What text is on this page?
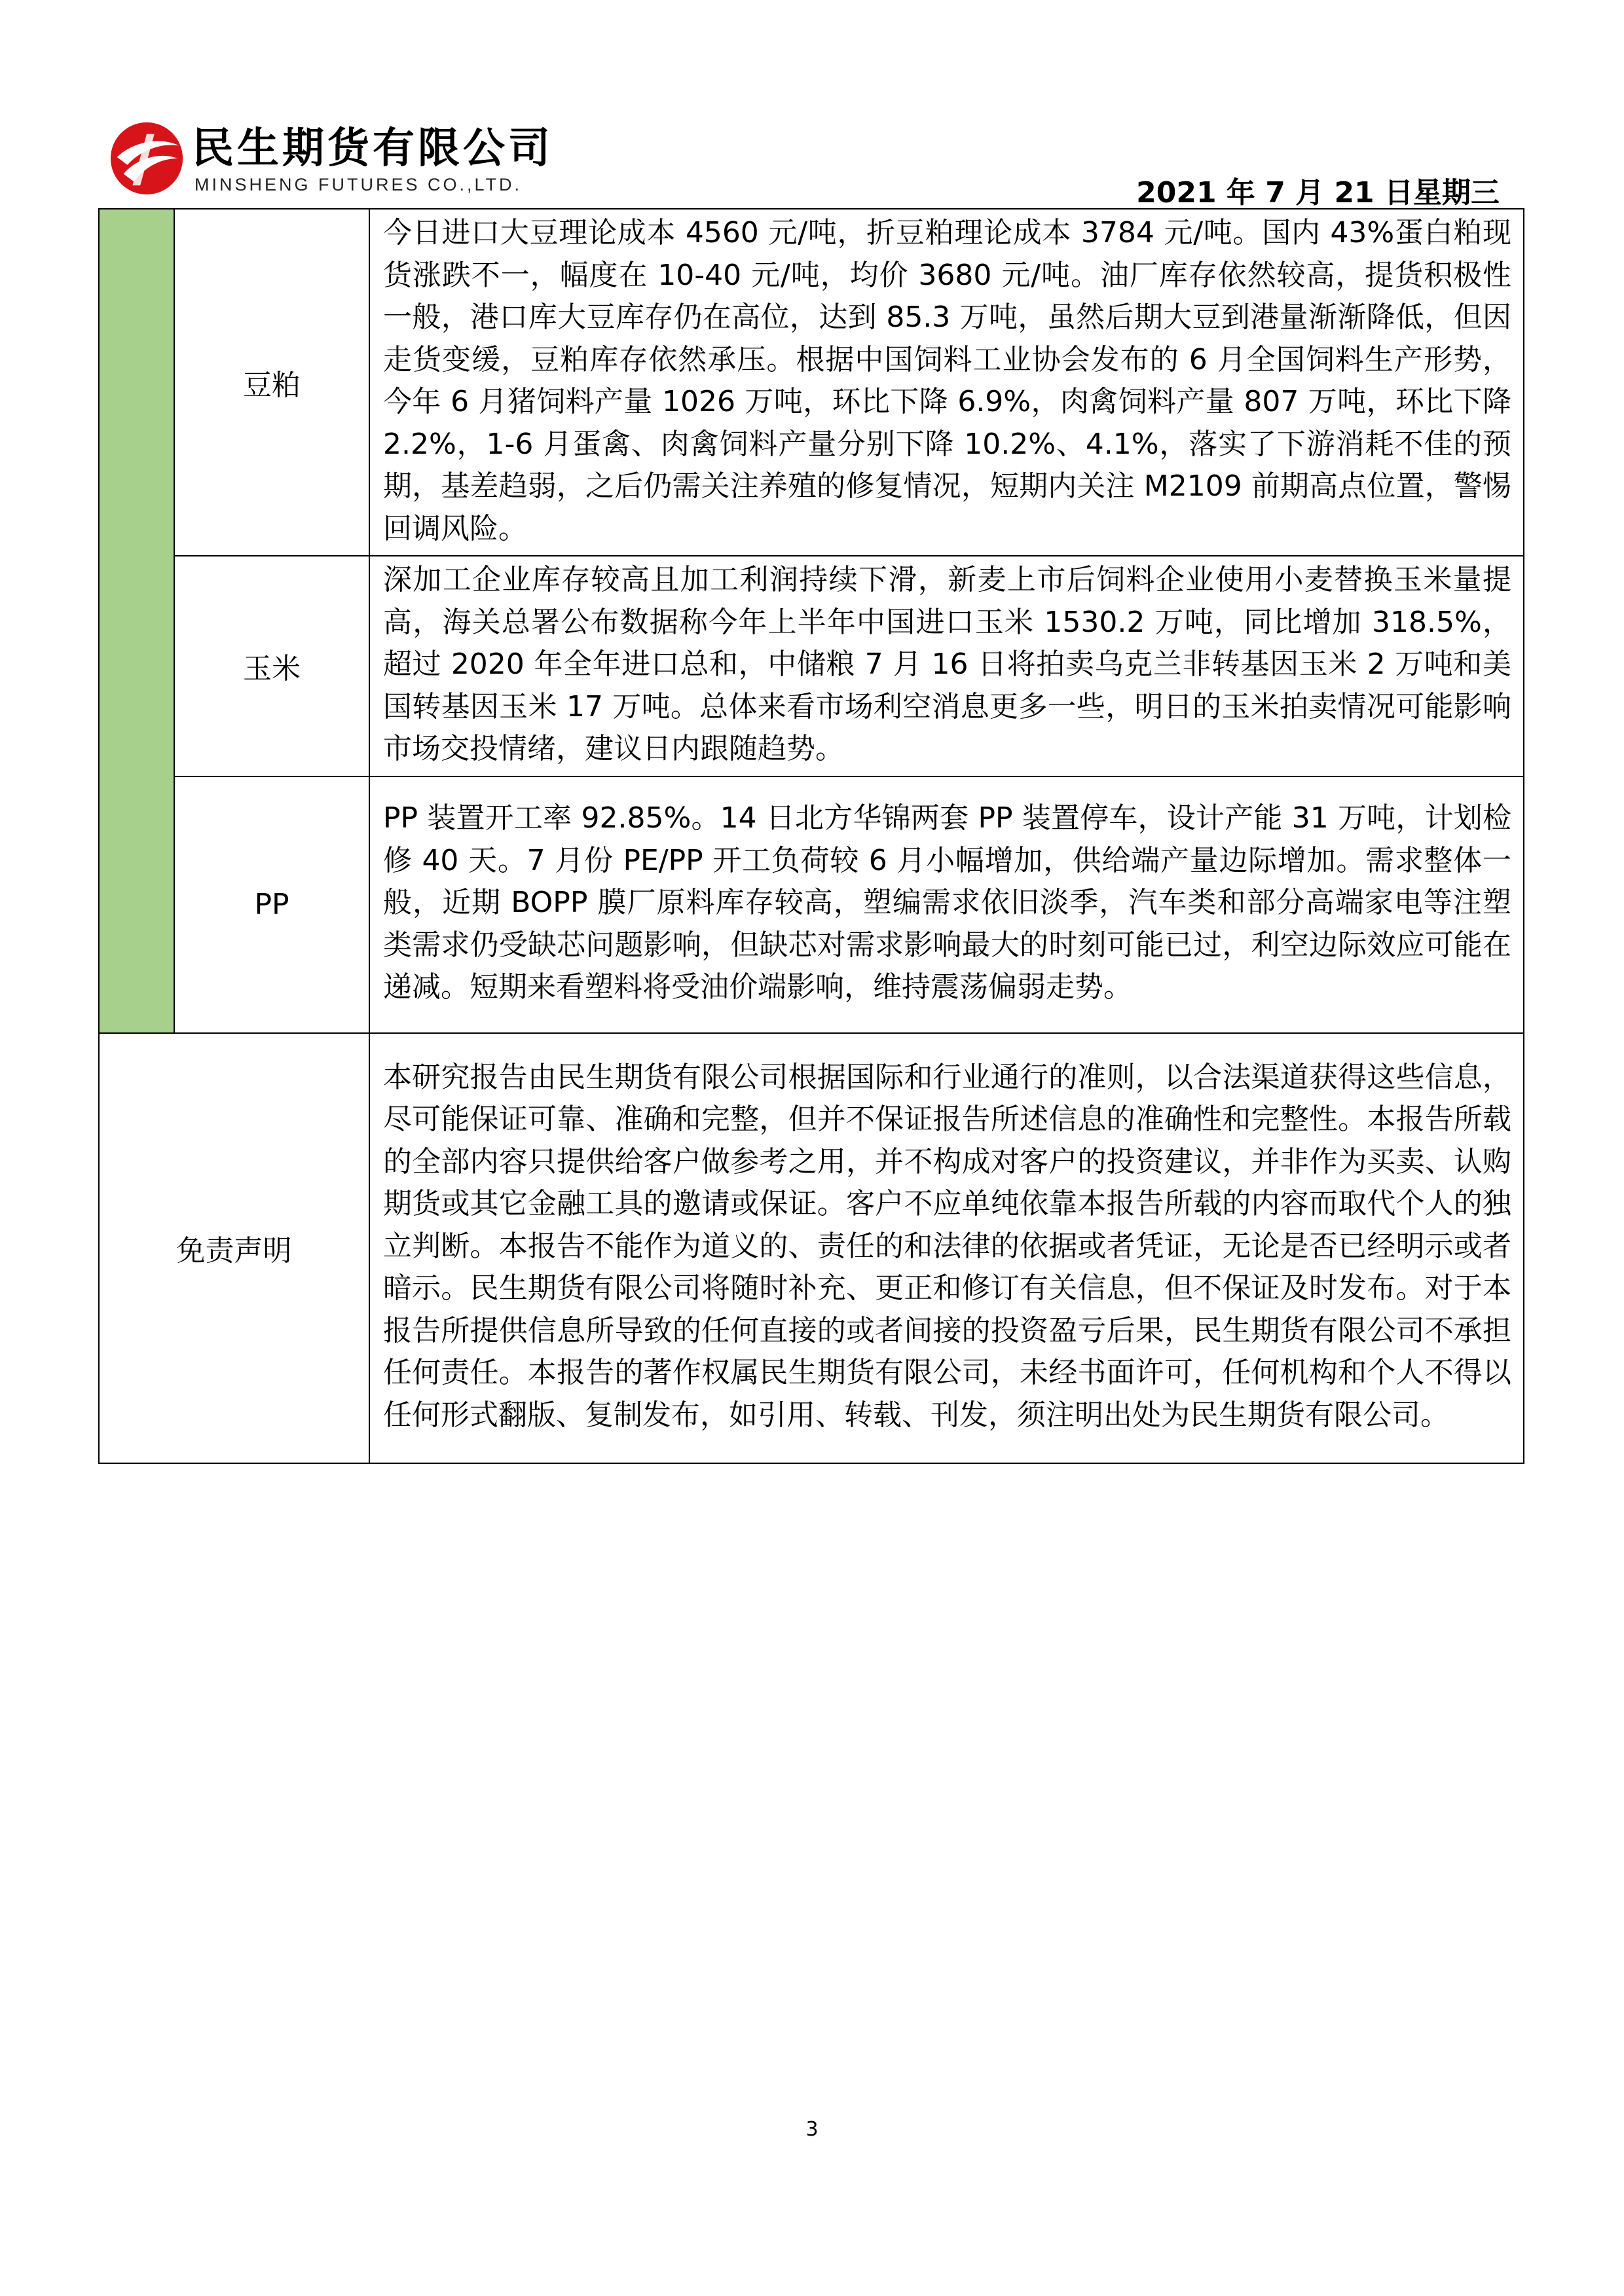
民生期货有限公司
MINSHENG FUTURES CO.,LTD.	2021 年 7 月 21 日星期三
	豆粕	今日进口大豆理论成本 4560 元/吨，折豆粕理论成本 3784 元/吨。国内 43%蛋白粕现货涨跌不一，幅度在 10-40 元/吨，均价 3680 元/吨。油厂库存依然较高，提货积极性一般，港口库大豆库存仍在高位，达到 85.3 万吨，虽然后期大豆到港量渐渐降低，但因走货变缓，豆粕库存依然承压。根据中国饲料工业协会发布的 6 月全国饲料生产形势，今年 6 月猪饲料产量 1026 万吨，环比下降 6.9%，肉禽饲料产量 807 万吨，环比下降 2.2%，1-6 月蛋禽、肉禽饲料产量分别下降 10.2%、4.1%，落实了下游消耗不佳的预期，基差趋弱，之后仍需关注养殖的修复情况，短期内关注 M2109 前期高点位置，警惕回调风险。
	玉米	深加工企业库存较高且加工利润持续下滑，新麦上市后饲料企业使用小麦替换玉米量提高，海关总署公布数据称今年上半年中国进口玉米 1530.2 万吨，同比增加 318.5%，超过 2020 年全年进口总和，中储粮 7 月 16 日将拍卖乌克兰非转基因玉米 2 万吨和美国转基因玉米 17 万吨。总体来看市场利空消息更多一些，明日的玉米拍卖情况可能影响市场交投情绪，建议日内跟随趋势。
	PP	PP 装置开工率 92.85%。14 日北方华锦两套 PP 装置停车，设计产能 31 万吨，计划检修 40 天。7 月份 PE/PP 开工负荷较 6 月小幅增加，供给端产量边际增加。需求整体一般，近期 BOPP 膜厂原料库存较高，塑编需求依旧淡季，汽车类和部分高端家电等注塑类需求仍受缺芯问题影响，但缺芯对需求影响最大的时刻可能已过，利空边际效应可能在递减。短期来看塑料将受油价端影响，维持震荡偏弱走势。
免责声明		本研究报告由民生期货有限公司根据国际和行业通行的准则，以合法渠道获得这些信息，尽可能保证可靠、准确和完整，但并不保证报告所述信息的准确性和完整性。本报告所载的全部内容只提供给客户做参考之用，并不构成对客户的投资建议，并非作为买卖、认购期货或其它金融工具的邀请或保证。客户不应单纯依靠本报告所载的内容而取代个人的独立判断。本报告不能作为道义的、责任的和法律的依据或者凭证，无论是否已经明示或者暗示。民生期货有限公司将随时补充、更正和修订有关信息，但不保证及时发布。对于本报告所提供信息所导致的任何直接的或者间接的投资盈亏后果，民生期货有限公司不承担任何责任。本报告的著作权属民生期货有限公司，未经书面许可，任何机构和个人不得以任何形式翻版、复制发布，如引用、转载、刊发，须注明出处为民生期货有限公司。
3
